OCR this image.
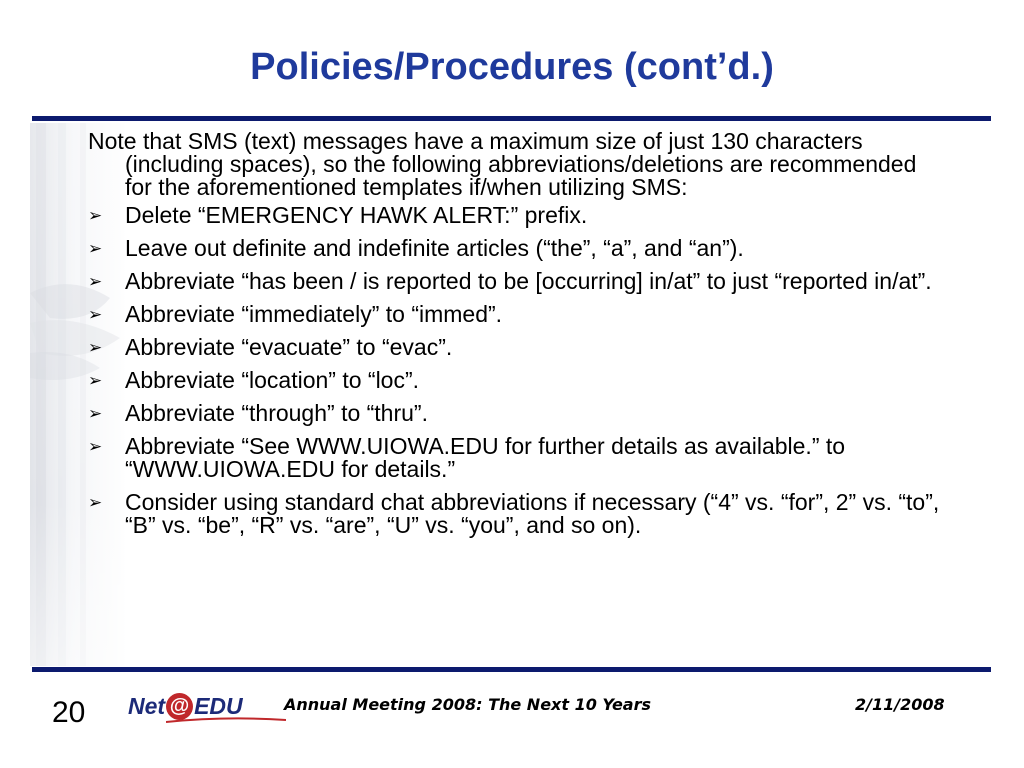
Policies/Procedures (cont’d.)

Note that SMS (text) messages have a maximum size of just 130 characters (including spaces), so the following abbreviations/deletions are recommended for the aforementioned templates if/when utilizing SMS:

➢ Delete “EMERGENCY HAWK ALERT:” prefix.
➢ Leave out definite and indefinite articles (“the”, “a”, and “an”).
➢ Abbreviate “has been / is reported to be [occurring] in/at” to just “reported in/at”.
➢ Abbreviate “immediately” to “immed”.
➢ Abbreviate “evacuate” to “evac”.
➢ Abbreviate “location” to “loc”.
➢ Abbreviate “through” to “thru”.
➢ Abbreviate “See WWW.UIOWA.EDU for further details as available.” to “WWW.UIOWA.EDU for details.”
➢ Consider using standard chat abbreviations if necessary (“4” vs. “for”, 2” vs. “to”, “B” vs. “be”, “R” vs. “are”, “U” vs. “you”, and so on).
20 Net @ EDU	Annual Meeting 2008: The Next 10 Years	2/11/2008
